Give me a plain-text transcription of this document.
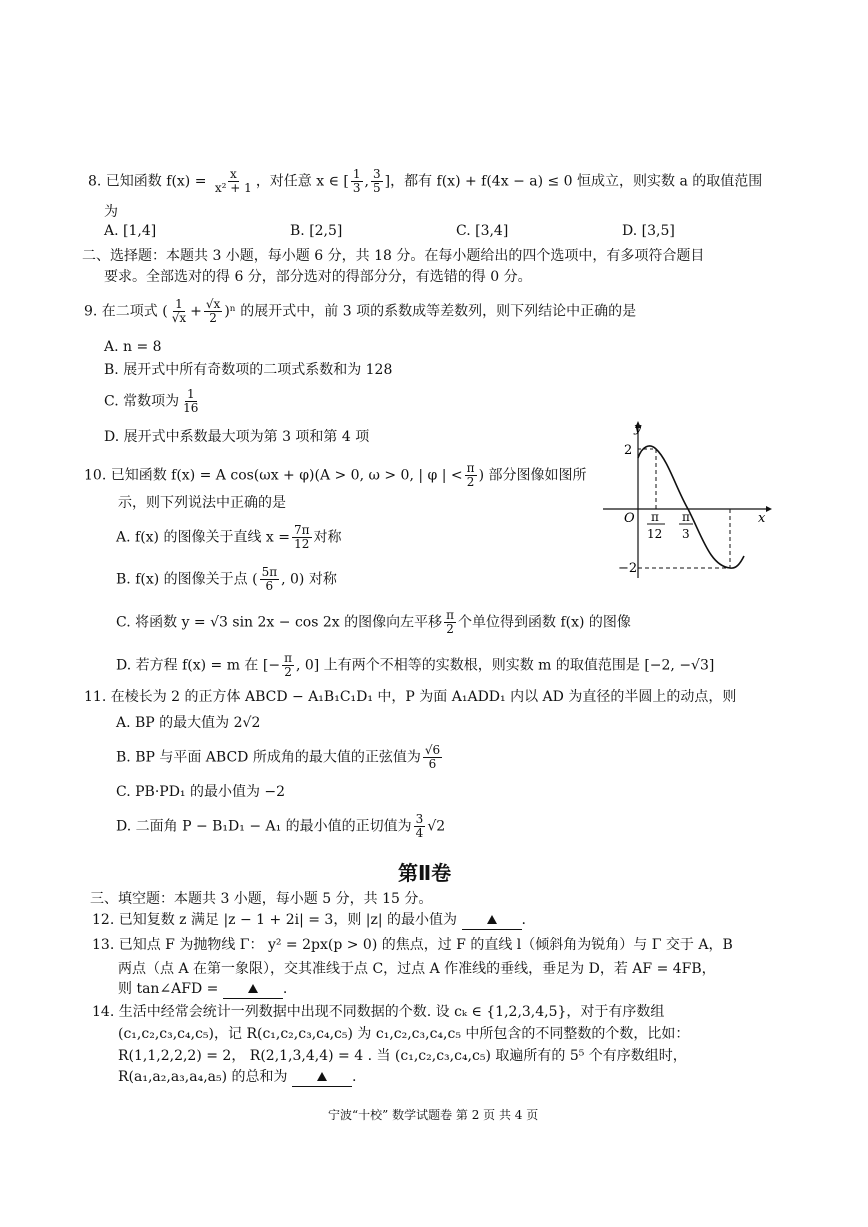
8. 已知函数 $f(x) = \frac{x}{\text{x² + 1}}$ ，对任意 x ∈ [ $\frac{1}{3}$ , $\frac{3}{5}$ ]，都有 f(x) + f(4x − a) ≤ 0 恒成立，则实数 a 的取值范围
为
A. [1,4]	B. [2,5]	C. [3,4]	D. [3,5]
二、选择题：本题共 3 小题，每小题 6 分，共 18 分。在每小题给出的四个选项中，有多项符合题目
要求。全部选对的得 6 分，部分选对的得部分分，有选错的得 0 分。
9. 在二项式 ( $\frac{1}{√x} + \frac{√x}{2} )^n$ 的展开式中，前 3 项的系数成等差数列，则下列结论中正确的是
A. n = 8
B. 展开式中所有奇数项的二项式系数和为 128
C. 常数项为 $\frac{1}{16}$
D. 展开式中系数最大项为第 3 项和第 4 项
10. 已知函数 f(x) = A cos(ωx + φ)(A > 0, ω > 0, | φ | < $\frac{\pi}{2}$ ) 部分图像如图所
示，则下列说法中正确的是
A. f(x) 的图像关于直线 $x = \frac{7\pi}{12}$ 对称
B. f(x) 的图像关于点 ( $\frac{5\pi}{6}$ , 0) 对称
C. 将函数 y = √3 sin 2x − cos 2x 的图像向左平移 $\frac{\pi}{2}$ 个单位得到函数 f(x) 的图像
D. 若方程 f(x) = m 在 [− $\frac{\pi}{2}$ , 0] 上有两个不相等的实数根，则实数 m 的取值范围是 [−2, −√3]
y
x
O
2
−2
π
12
π
3
11. 在棱长为 2 的正方体 ABCD − A₁B₁C₁D₁ 中，P 为面 A₁ADD₁ 内以 AD 为直径的半圆上的动点，则
A. BP 的最大值为 2√2
B. BP 与平面 ABCD 所成角的最大值的正弦值为 $\frac{√6}{6}$
C. PB·PD₁ 的最小值为 −2
D. 二面角 P − B₁D₁ − A₁ 的最小值的正切值为 $\frac{3}{4} √2$
第Ⅱ卷
三、填空题：本题共 3 小题，每小题 5 分，共 15 分。
12. 已知复数 z 满足 |z − 1 + 2i| = 3，则 |z| 的最小值为	.
13. 已知点 F 为抛物线 Γ： y² = 2px(p > 0) 的焦点，过 F 的直线 l（倾斜角为锐角）与 Γ 交于 A，B
两点（点 A 在第一象限），交其准线于点 C，过点 A 作准线的垂线，垂足为 D，若 AF = 4FB，
则 tan∠AFD =	.
14. 生活中经常会统计一列数据中出现不同数据的个数. 设 cₖ ∈ {1,2,3,4,5}，对于有序数组
(c₁,c₂,c₃,c₄,c₅)，记 R(c₁,c₂,c₃,c₄,c₅) 为 c₁,c₂,c₃,c₄,c₅ 中所包含的不同整数的个数，比如：
R(1,1,2,2,2) = 2， R(2,1,3,4,4) = 4 . 当 (c₁,c₂,c₃,c₄,c₅) 取遍所有的 5⁵ 个有序数组时，
R(a₁,a₂,a₃,a₄,a₅) 的总和为	.
宁波“十校” 数学试题卷 第 2 页 共 4 页
